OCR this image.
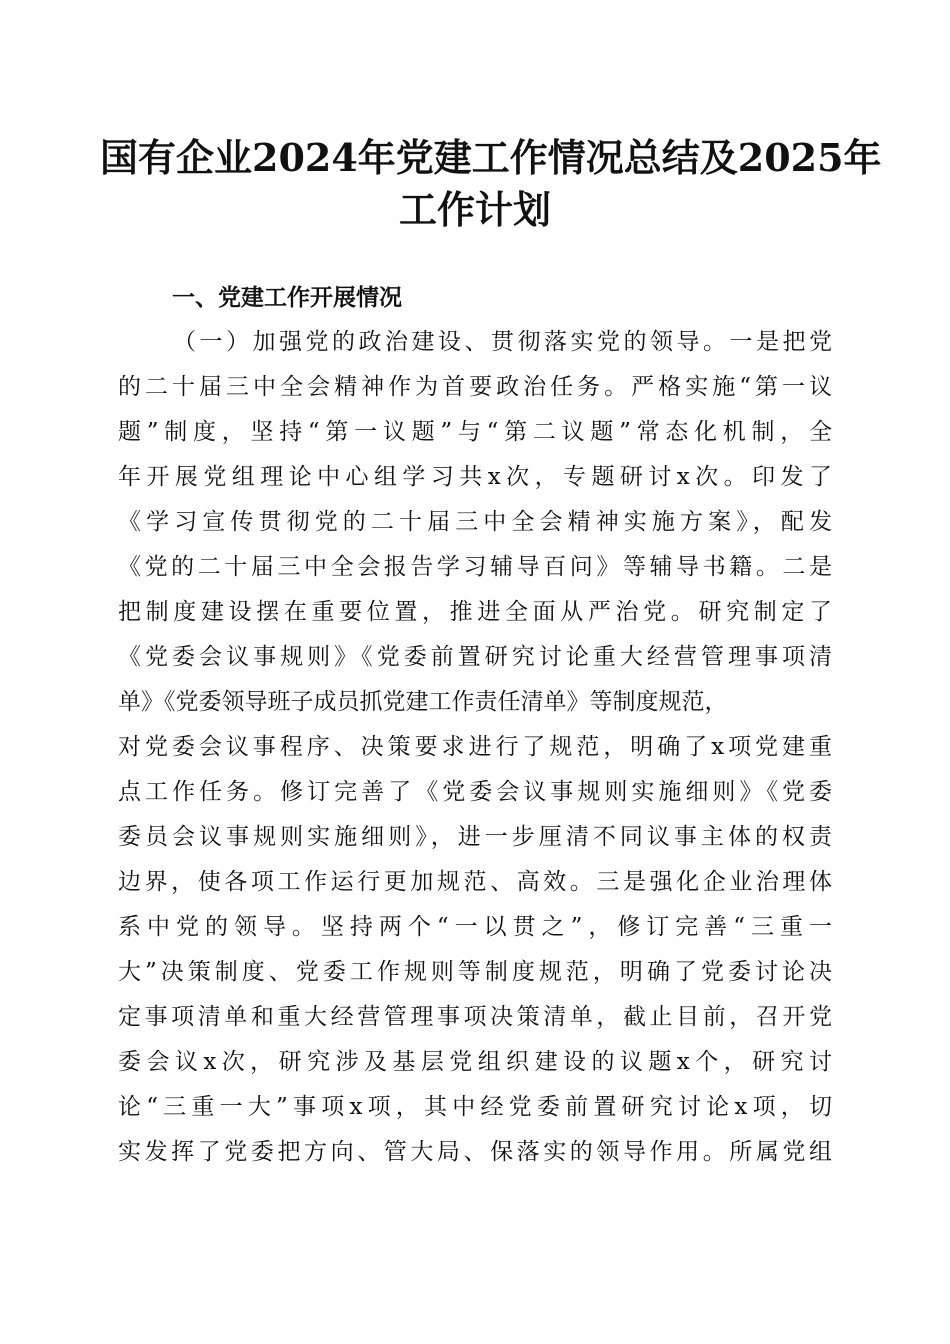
国有企业2024年党建工作情况总结及2025年
工作计划
一、党建工作开展情况
（一）加强党的政治建设、贯彻落实党的领导。一是把党
的二十届三中全会精神作为首要政治任务。严格实施“第一议
题”制度，坚持“第一议题”与“第二议题”常态化机制，全
年开展党组理论中心组学习共x次，专题研讨x次。印发了
《学习宣传贯彻党的二十届三中全会精神实施方案》，配发
《党的二十届三中全会报告学习辅导百问》等辅导书籍。二是
把制度建设摆在重要位置，推进全面从严治党。研究制定了
《党委会议事规则》《党委前置研究讨论重大经营管理事项清
单》《党委领导班子成员抓党建工作责任清单》等制度规范，
对党委会议事程序、决策要求进行了规范，明确了x项党建重
点工作任务。修订完善了《党委会议事规则实施细则》《党委
委员会议事规则实施细则》，进一步厘清不同议事主体的权责
边界，使各项工作运行更加规范、高效。三是强化企业治理体
系中党的领导。坚持两个“一以贯之”，修订完善“三重一
大”决策制度、党委工作规则等制度规范，明确了党委讨论决
定事项清单和重大经营管理事项决策清单，截止目前，召开党
委会议x次，研究涉及基层党组织建设的议题x个，研究讨
论“三重一大”事项x项，其中经党委前置研究讨论x项，切
实发挥了党委把方向、管大局、保落实的领导作用。所属党组
